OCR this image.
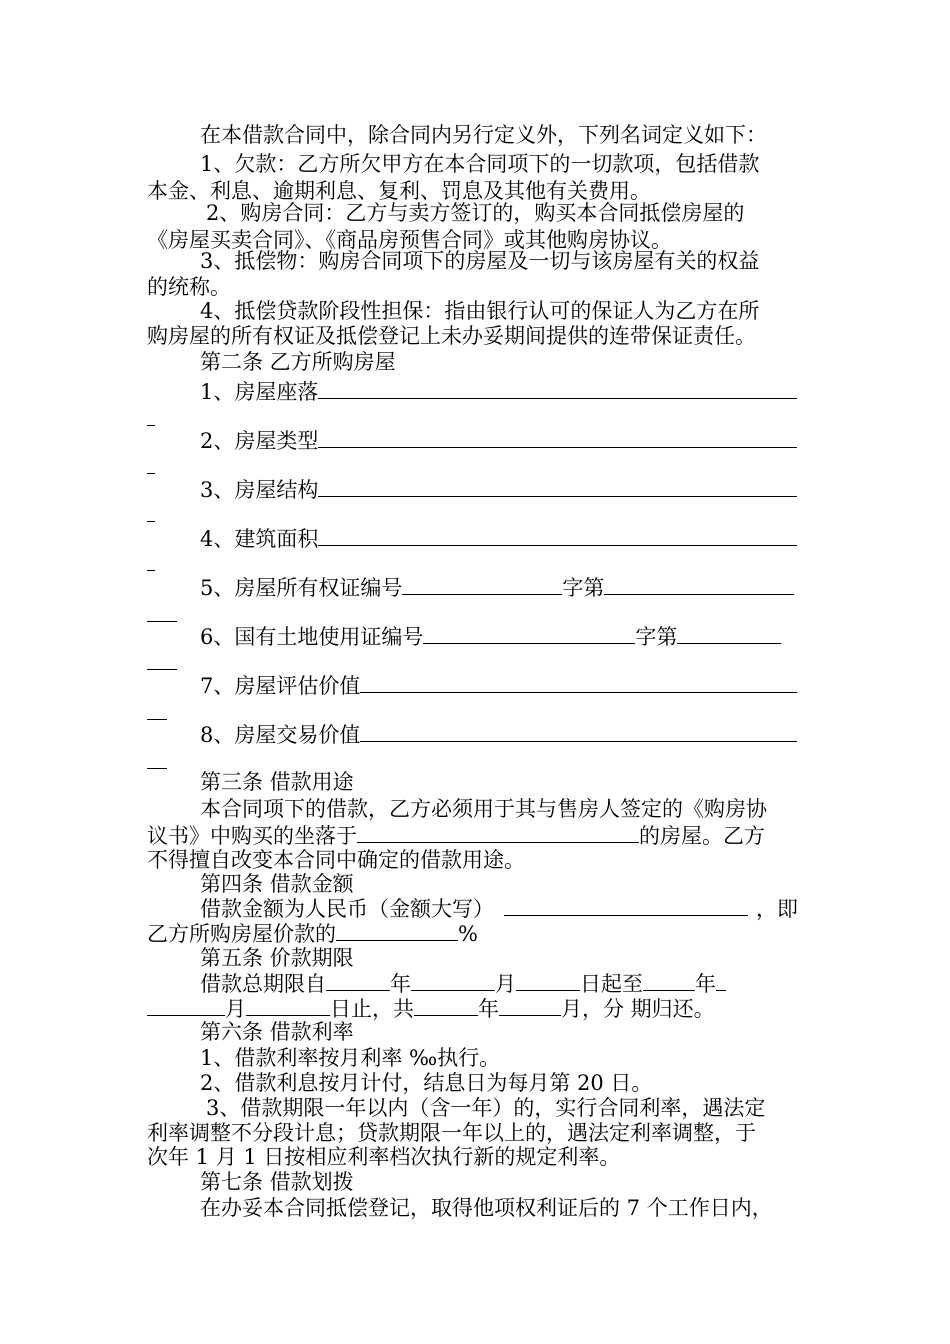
在本借款合同中，除合同内另行定义外，下列名词定义如下：
1、欠款：乙方所欠甲方在本合同项下的一切款项，包括借款
本金、利息、逾期利息、复利、罚息及其他有关费用。
2、购房合同：乙方与卖方签订的，购买本合同抵偿房屋的
《房屋买卖合同》、《商品房预售合同》或其他购房协议。
3、抵偿物：购房合同项下的房屋及一切与该房屋有关的权益
的统称。
4、抵偿贷款阶段性担保：指由银行认可的保证人为乙方在所
购房屋的所有权证及抵偿登记上未办妥期间提供的连带保证责任。
第二条 乙方所购房屋
1、房屋座落
2、房屋类型
3、房屋结构
4、建筑面积
5、房屋所有权证编号	字第
6、国有土地使用证编号	字第
7、房屋评估价值
8、房屋交易价值
第三条 借款用途
本合同项下的借款，乙方必须用于其与售房人签定的《购房协
议书》中购买的坐落于	的房屋。乙方
不得擅自改变本合同中确定的借款用途。
第四条 借款金额
借款金额为人民币（金额大写）	，即
乙方所购房屋价款的	%
第五条 价款期限
借款总期限自	年	月	日起至 年
月	日止，共	年	月，分 期归还。
第六条 借款利率
1、借款利率按月利率 ‰执行。
2、借款利息按月计付，结息日为每月第 20 日。
3、借款期限一年以内（含一年）的，实行合同利率，遇法定
利率调整不分段计息；贷款期限一年以上的，遇法定利率调整，于
次年 1 月 1 日按相应利率档次执行新的规定利率。
第七条 借款划拨
在办妥本合同抵偿登记，取得他项权利证后的 7 个工作日内，
